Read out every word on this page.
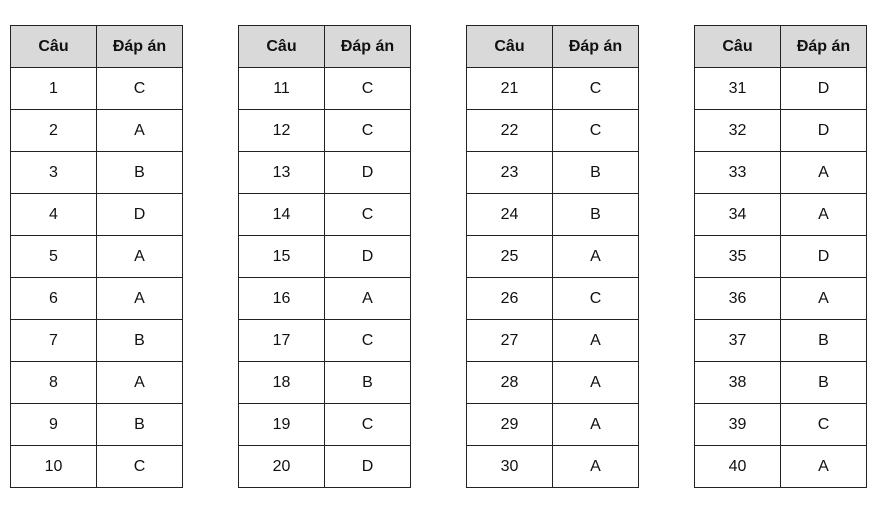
Câu	Đáp án
1	C
2	A
3	B
4	D
5	A
6	A
7	B
8	A
9	B
10	C
Câu	Đáp án
11	C
12	C
13	D
14	C
15	D
16	A
17	C
18	B
19	C
20	D
Câu	Đáp án
21	C
22	C
23	B
24	B
25	A
26	C
27	A
28	A
29	A
30	A
Câu	Đáp án
31	D
32	D
33	A
34	A
35	D
36	A
37	B
38	B
39	C
40	A
